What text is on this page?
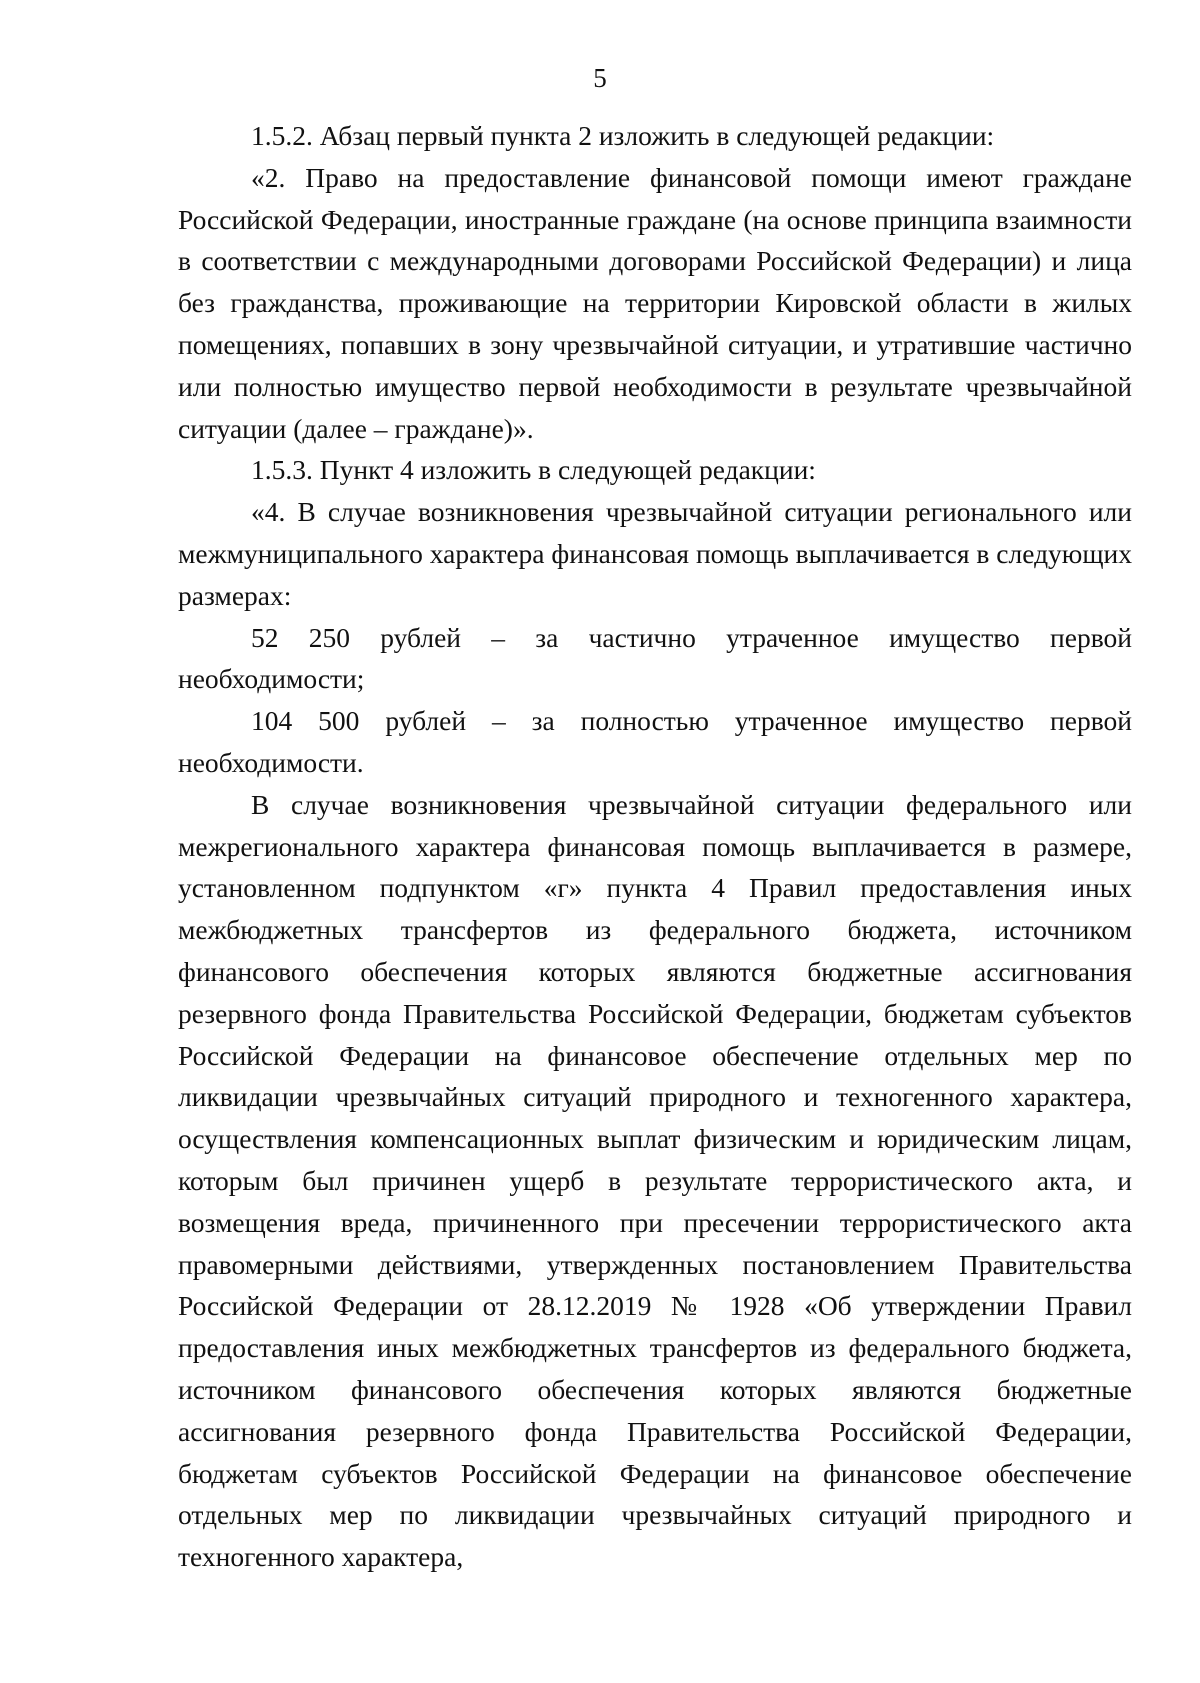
5

1.5.2. Абзац первый пункта 2 изложить в следующей редакции:

«2. Право на предоставление финансовой помощи имеют граждане Российской Федерации, иностранные граждане (на основе принципа взаимности в соответствии с международными договорами Российской Федерации) и лица без гражданства, проживающие на территории Кировской области в жилых помещениях, попавших в зону чрезвычайной ситуации, и утратившие частично или полностью имущество первой необходимости в результате чрезвычайной ситуации (далее – граждане)».

1.5.3. Пункт 4 изложить в следующей редакции:

«4. В случае возникновения чрезвычайной ситуации регионального или межмуниципального характера финансовая помощь выплачивается в следующих размерах:

52 250 рублей – за частично утраченное имущество первой необходимости;

104 500 рублей – за полностью утраченное имущество первой необходимости.

В случае возникновения чрезвычайной ситуации федерального или межрегионального характера финансовая помощь выплачивается в размере, установленном подпунктом «г» пункта 4 Правил предоставления иных межбюджетных трансфертов из федерального бюджета, источником финансового обеспечения которых являются бюджетные ассигнования резервного фонда Правительства Российской Федерации, бюджетам субъектов Российской Федерации на финансовое обеспечение отдельных мер по ликвидации чрезвычайных ситуаций природного и техногенного характера, осуществления компенсационных выплат физическим и юридическим лицам, которым был причинен ущерб в результате террористического акта, и возмещения вреда, причиненного при пресечении террористического акта правомерными действиями, утвержденных постановлением Правительства Российской Федерации от 28.12.2019 № 1928 «Об утверждении Правил предоставления иных межбюджетных трансфертов из федерального бюджета, источником финансового обеспечения которых являются бюджетные ассигнования резервного фонда Правительства Российской Федерации, бюджетам субъектов Российской Федерации на финансовое обеспечение отдельных мер по ликвидации чрезвычайных ситуаций природного и техногенного характера,
